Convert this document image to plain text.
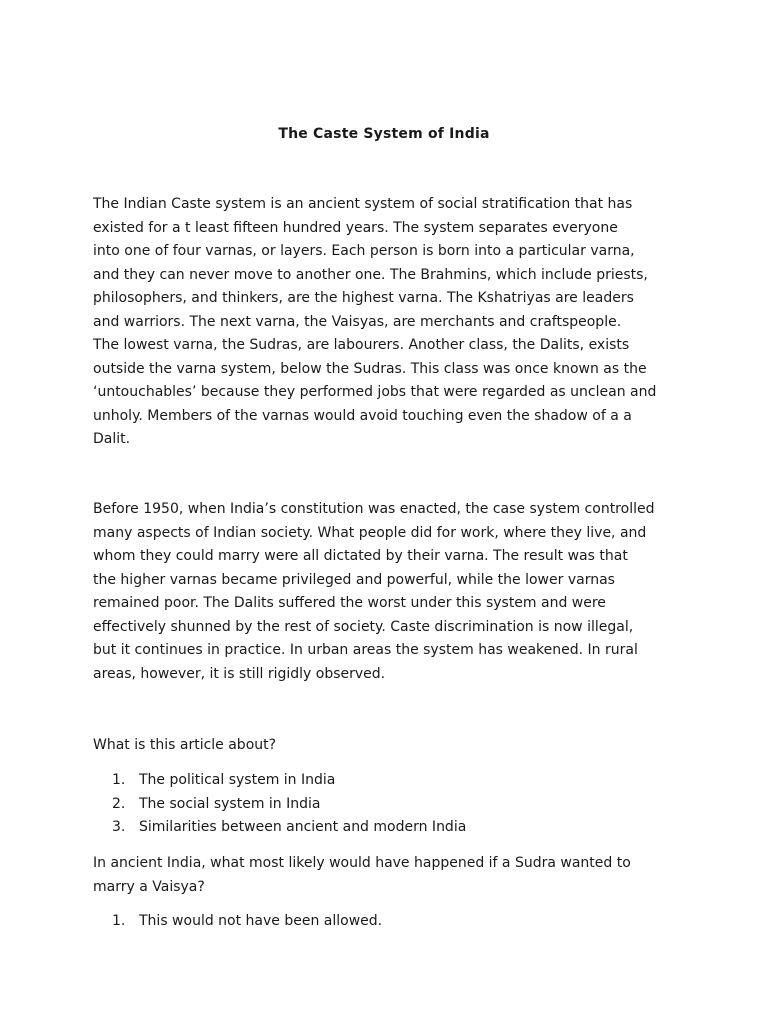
The Caste System of India
The Indian Caste system is an ancient system of social stratification that has
existed for a t least fifteen hundred years. The system separates everyone
into one of four varnas, or layers. Each person is born into a particular varna,
and they can never move to another one. The Brahmins, which include priests,
philosophers, and thinkers, are the highest varna. The Kshatriyas are leaders
and warriors. The next varna, the Vaisyas, are merchants and craftspeople.
The lowest varna, the Sudras, are labourers. Another class, the Dalits, exists
outside the varna system, below the Sudras. This class was once known as the
‘untouchables’ because they performed jobs that were regarded as unclean and
unholy. Members of the varnas would avoid touching even the shadow of a a
Dalit.
Before 1950, when India’s constitution was enacted, the case system controlled
many aspects of Indian society. What people did for work, where they live, and
whom they could marry were all dictated by their varna. The result was that
the higher varnas became privileged and powerful, while the lower varnas
remained poor. The Dalits suffered the worst under this system and were
effectively shunned by the rest of society. Caste discrimination is now illegal,
but it continues in practice. In urban areas the system has weakened. In rural
areas, however, it is still rigidly observed.
What is this article about?
1. The political system in India
2. The social system in India
3. Similarities between ancient and modern India
In ancient India, what most likely would have happened if a Sudra wanted to
marry a Vaisya?
1. This would not have been allowed.
